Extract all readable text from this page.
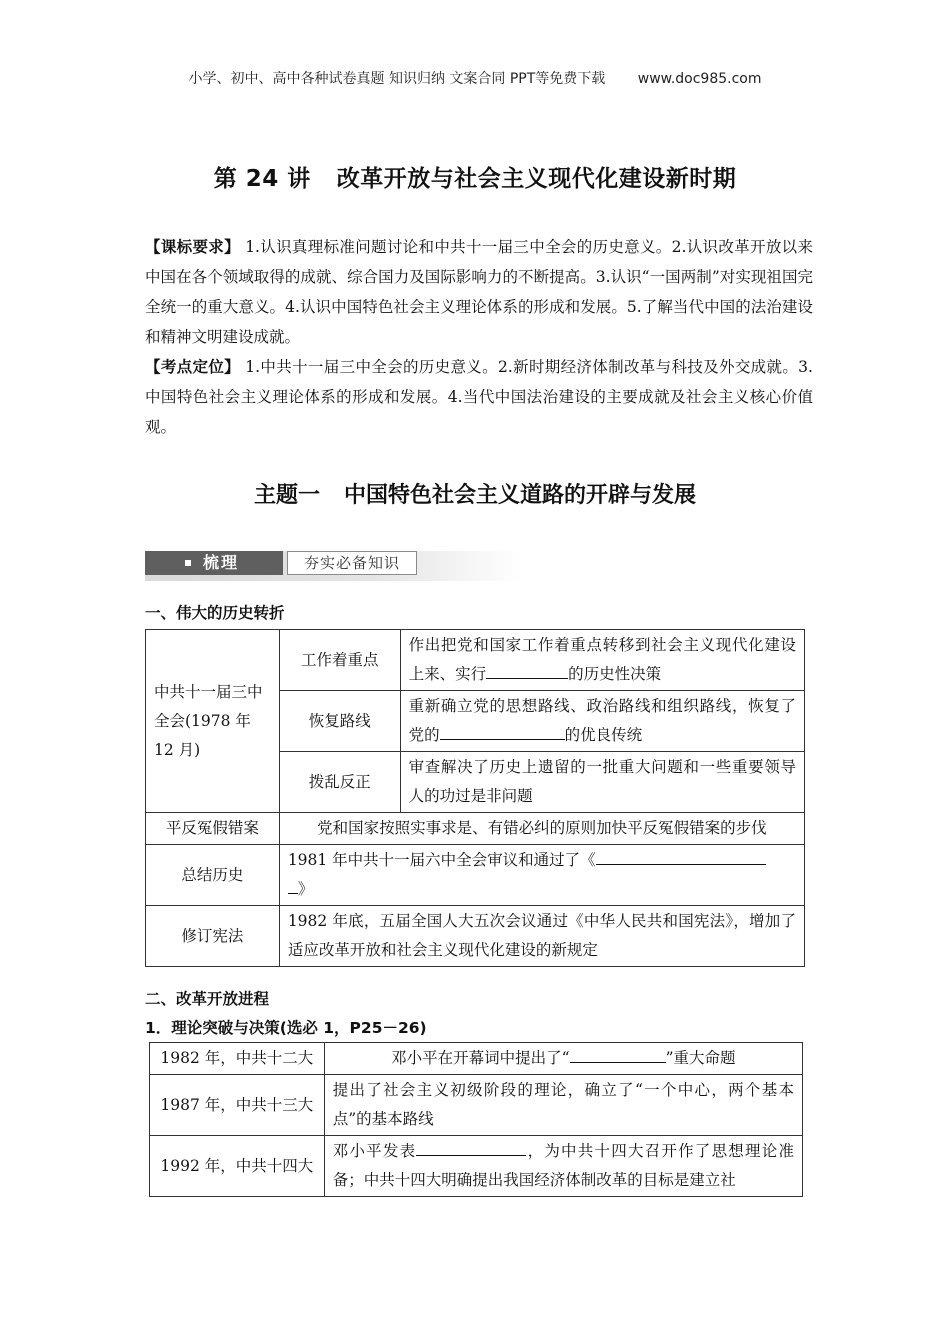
小学、初中、高中各种试卷真题 知识归纳 文案合同 PPT等免费下载 www.doc985.com
第 24 讲 改革开放与社会主义现代化建设新时期
【课标要求】 1.认识真理标准问题讨论和中共十一届三中全会的历史意义。2.认识改革开放以来中国在各个领域取得的成就、综合国力及国际影响力的不断提高。3.认识“一国两制”对实现祖国完全统一的重大意义。4.认识中国特色社会主义理论体系的形成和发展。5.了解当代中国的法治建设和精神文明建设成就。
【考点定位】 1.中共十一届三中全会的历史意义。2.新时期经济体制改革与科技及外交成就。3.中国特色社会主义理论体系的形成和发展。4.当代中国法治建设的主要成就及社会主义核心价值观。
主题一 中国特色社会主义道路的开辟与发展
梳理	夯实必备知识
一、伟大的历史转折
中共十一届三中全会(1978 年 12 月)	工作着重点	作出把党和国家工作着重点转移到社会主义现代化建设上来、实行 的历史性决策
	恢复路线	重新确立党的思想路线、政治路线和组织路线，恢复了党的 的优良传统
	拨乱反正	审查解决了历史上遗留的一批重大问题和一些重要领导人的功过是非问题
平反冤假错案	党和国家按照实事求是、有错必纠的原则加快平反冤假错案的步伐	
总结历史	1981 年中共十一届六中全会审议和通过了《
》	
修订宪法	1982 年底，五届全国人大五次会议通过《中华人民共和国宪法》，增加了适应改革开放和社会主义现代化建设的新规定	
二、改革开放进程
1．理论突破与决策(选必 1，P25－26)
1982 年，中共十二大	邓小平在开幕词中提出了“ ”重大命题
1987 年，中共十三大	提出了社会主义初级阶段的理论，确立了“一个中心，两个基本点”的基本路线
1992 年，中共十四大	邓小平发表 ，为中共十四大召开作了思想理论准备；中共十四大明确提出我国经济体制改革的目标是建立社
